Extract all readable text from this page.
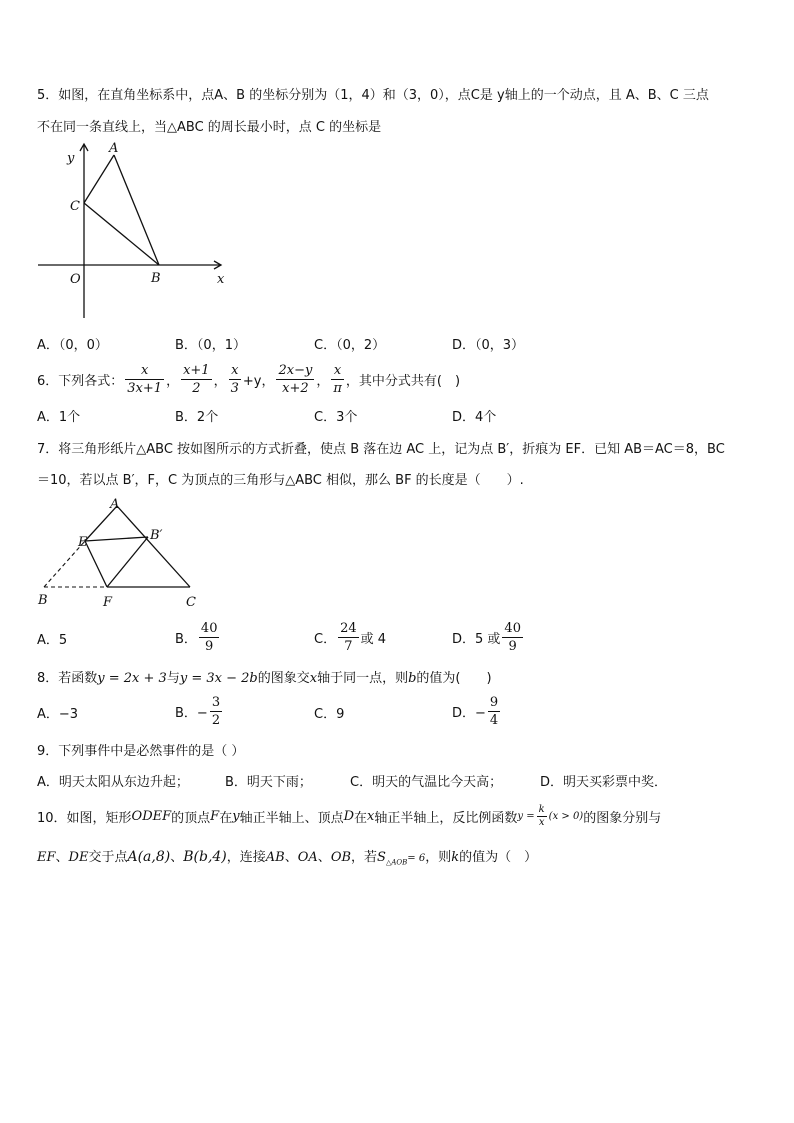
5．如图，在直角坐标系中，点A、B 的坐标分别为（1，4）和（3，0），点C是 y轴上的一个动点，且 A、B、C 三点
不在同一条直线上，当△ABC 的周长最小时，点 C 的坐标是
y
A
C
O	B	x
A．（0，0）	B．（0，1）	C．（0，2）	D．（0，3）
6．下列各式： $\frac{x}{3x+1}$ ， $\frac{x+1}{2}$ ， $\frac{x}{3} +y$， $\frac{2x-y}{x+2}$ ， $\frac{x}{\pi}$ ，其中分式共有(　)
A．1个	B．2个	C．3个	D．4个
7．将三角形纸片△ABC 按如图所示的方式折叠，使点 B 落在边 AC 上，记为点 B′，折痕为 EF．已知 AB＝AC＝8，BC
＝10，若以点 B′，F，C 为顶点的三角形与△ABC 相似，那么 BF 的长度是（　　）.
A
E	B′
B	F	C
A．5	B． $\frac{40}{9}$	C． $\frac{24}{7}$ 或 4	D．5 或 $\frac{40}{9}$
8．若函数y = 2x + 3与y = 3x − 2b的图象交x轴于同一点，则b的值为(　　)
A．−3	B．− $\frac{3}{2}$	C．9	D．− $\frac{9}{4}$
9．下列事件中是必然事件的是（ ）
A．明天太阳从东边升起；	B．明天下雨；	C．明天的气温比今天高；	D．明天买彩票中奖．
10．如图，矩形 ODEF 的顶点 F 在 y 轴正半轴上、顶点 D 在 x 轴正半轴上，反比例函数 $y = \frac{k}{x} (x > 0)$ 的图象分别与
EF、DE交于点A(a,8)、B(b,4)，连接AB、OA、OB，若$S_{\triangle AOB}= 6$，则k的值为（　）
